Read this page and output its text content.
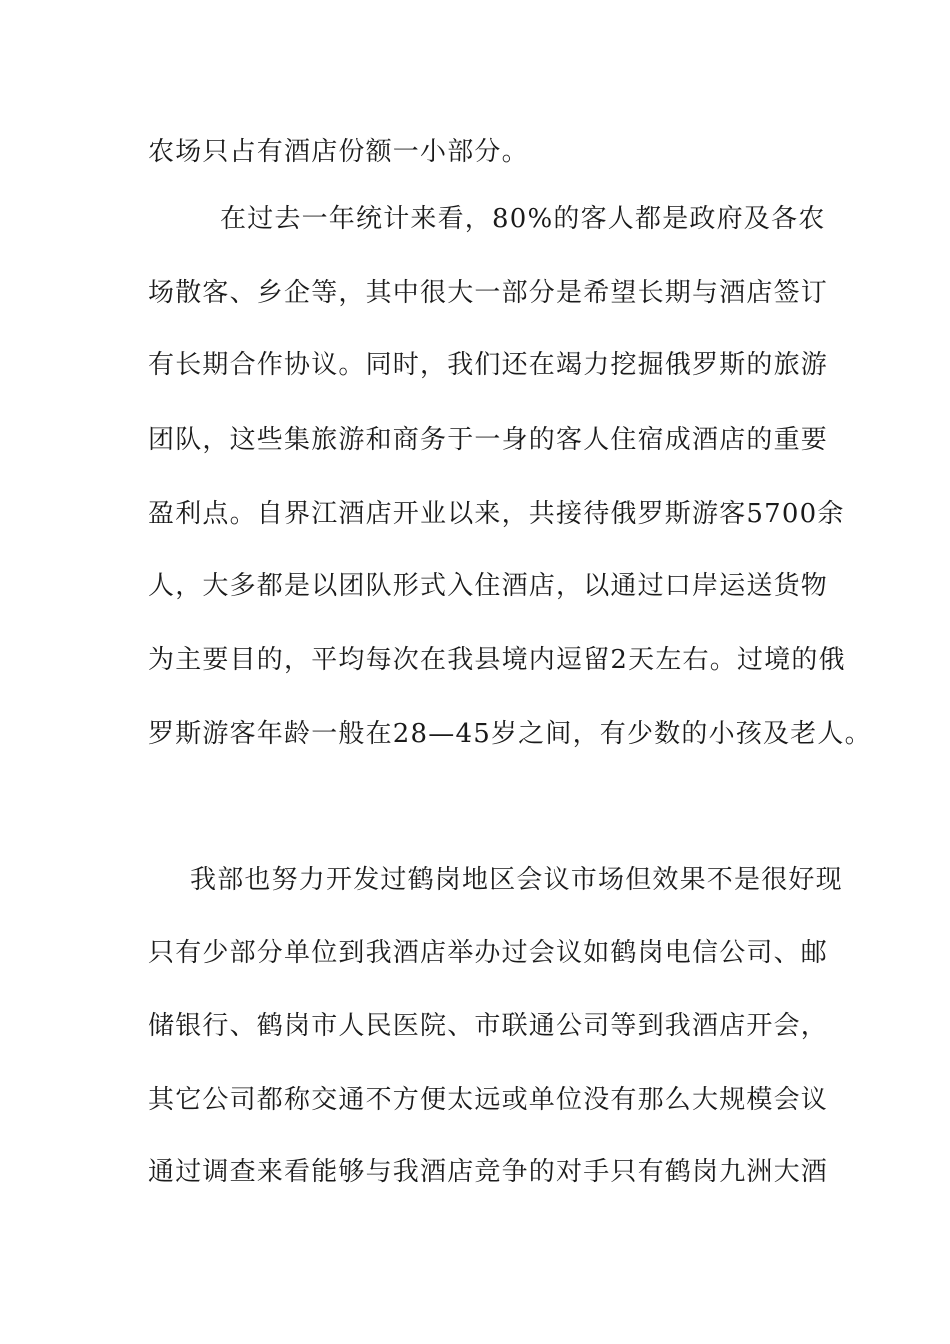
农场只占有酒店份额一小部分。
在过去一年统计来看，80%的客人都是政府及各农
场散客、乡企等，其中很大一部分是希望长期与酒店签订
有长期合作协议。同时，我们还在竭力挖掘俄罗斯的旅游
团队，这些集旅游和商务于一身的客人住宿成酒店的重要
盈利点。自界江酒店开业以来，共接待俄罗斯游客5700余
人，大多都是以团队形式入住酒店，以通过口岸运送货物
为主要目的，平均每次在我县境内逗留2天左右。过境的俄
罗斯游客年龄一般在28—45岁之间，有少数的小孩及老人。
我部也努力开发过鹤岗地区会议市场但效果不是很好现
只有少部分单位到我酒店举办过会议如鹤岗电信公司、邮
储银行、鹤岗市人民医院、市联通公司等到我酒店开会，
其它公司都称交通不方便太远或单位没有那么大规模会议
通过调查来看能够与我酒店竞争的对手只有鹤岗九洲大酒
